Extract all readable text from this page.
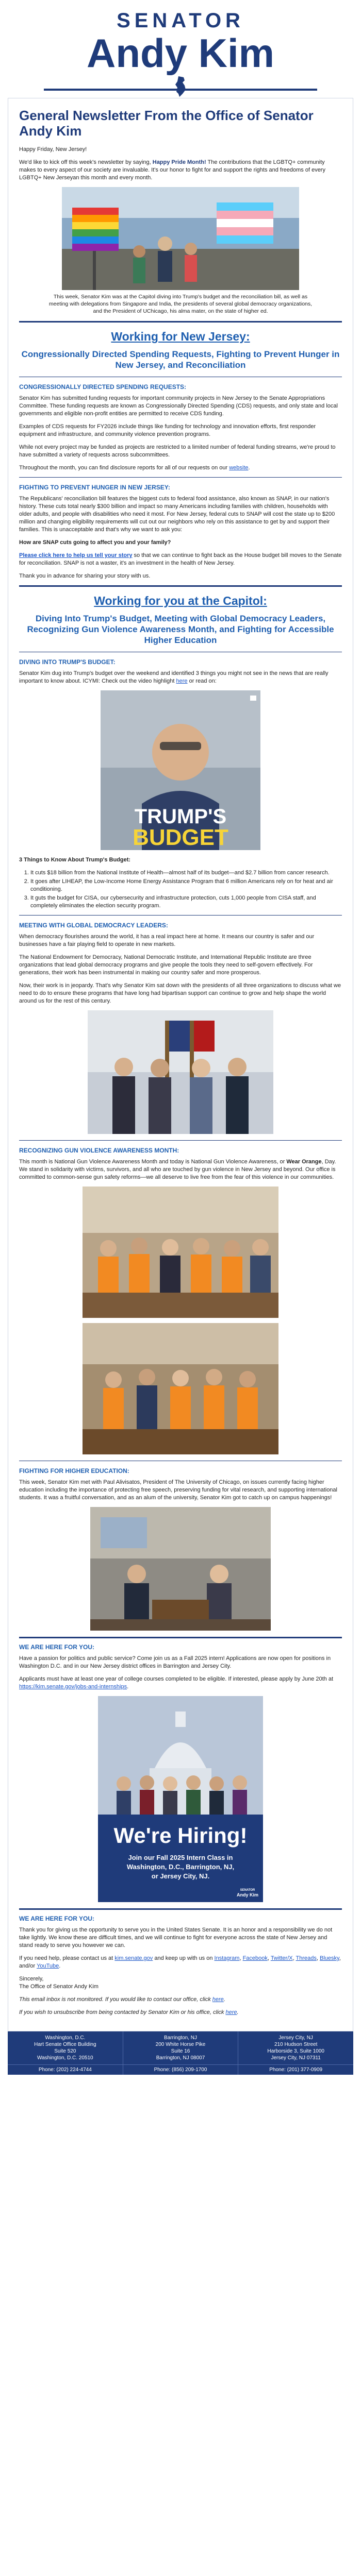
SENATOR
Andy Kim
General Newsletter From the Office of Senator Andy Kim

Happy Friday, New Jersey!

We'd like to kick off this week's newsletter by saying, Happy Pride Month! The contributions that the LGBTQ+ community makes to every aspect of our society are invaluable. It's our honor to fight for and support the rights and freedoms of every LGBTQ+ New Jerseyan this month and every month.

This week, Senator Kim was at the Capitol diving into Trump's budget and the reconciliation bill, as well as meeting with delegations from Singapore and India, the presidents of several global democracy organizations, and the President of UChicago, his alma mater, on the state of higher ed.
Working for New Jersey:
Congressionally Directed Spending Requests, Fighting to Prevent Hunger in New Jersey, and Reconciliation
CONGRESSIONALLY DIRECTED SPENDING REQUESTS:

Senator Kim has submitted funding requests for important community projects in New Jersey to the Senate Appropriations Committee. These funding requests are known as Congressionally Directed Spending (CDS) requests, and only state and local governments and eligible non-profit entities are permitted to receive CDS funding.

Examples of CDS requests for FY2026 include things like funding for technology and innovation efforts, first responder equipment and infrastructure, and community violence prevention programs.

While not every project may be funded as projects are restricted to a limited number of federal funding streams, we're proud to have submitted a variety of requests across subcommittees.

Throughout the month, you can find disclosure reports for all of our requests on our website.

FIGHTING TO PREVENT HUNGER IN NEW JERSEY:

The Republicans' reconciliation bill features the biggest cuts to federal food assistance, also known as SNAP, in our nation's history. These cuts total nearly $300 billion and impact so many Americans including families with children, households with older adults, and people with disabilities who need it most. For New Jersey, federal cuts to SNAP will cost the state up to $200 million and changing eligibility requirements will cut out our neighbors who rely on this assistance to get by and support their families. This is unacceptable and that's why we want to ask you:

How are SNAP cuts going to affect you and your family?

Please click here to help us tell your story so that we can continue to fight back as the House budget bill moves to the Senate for reconciliation. SNAP is not a waster, it's an investment in the health of New Jersey.

Thank you in advance for sharing your story with us.

Working for you at the Capitol:
Diving Into Trump's Budget, Meeting with Global Democracy Leaders, Recognizing Gun Violence Awareness Month, and Fighting for Accessible Higher Education
DIVING INTO TRUMP'S BUDGET:

Senator Kim dug into Trump's budget over the weekend and identified 3 things you might not see in the news that are really important to know about. ICYMI: Check out the video highlight here or read on:

TRUMP'S
BUDGET

3 Things to Know About Trump's Budget:

1. It cuts $18 billion from the National Institute of Health—almost half of its budget—and $2.7 billion from cancer research.
2. It goes after LIHEAP, the Low-Income Home Energy Assistance Program that 6 million Americans rely on for heat and air conditioning.
3. It guts the budget for CISA, our cybersecurity and infrastructure protection, cuts 1,000 people from CISA staff, and completely eliminates the election security program.
MEETING WITH GLOBAL DEMOCRACY LEADERS:

When democracy flourishes around the world, it has a real impact here at home. It means our country is safer and our businesses have a fair playing field to operate in new markets.

The National Endowment for Democracy, National Democratic Institute, and International Republic Institute are three organizations that lead global democracy programs and give people the tools they need to self-govern effectively. For generations, their work has been instrumental in making our country safer and more prosperous.

Now, their work is in jeopardy. That's why Senator Kim sat down with the presidents of all three organizations to discuss what we need to do to ensure these programs that have long had bipartisan support can continue to grow and help shape the world around us for the rest of this century.

RECOGNIZING GUN VIOLENCE AWARENESS MONTH:

This month is National Gun Violence Awareness Month and today is National Gun Violence Awareness, or Wear Orange, Day. We stand in solidarity with victims, survivors, and all who are touched by gun violence in New Jersey and beyond. Our office is committed to common-sense gun safety reforms—we all deserve to live free from the fear of this violence in our communities.

FIGHTING FOR HIGHER EDUCATION:

This week, Senator Kim met with Paul Alivisatos, President of The University of Chicago, on issues currently facing higher education including the importance of protecting free speech, preserving funding for vital research, and supporting international students. It was a fruitful conversation, and as an alum of the university, Senator Kim got to catch up on campus happenings!

WE ARE HERE FOR YOU:

Have a passion for politics and public service? Come join us as a Fall 2025 intern! Applications are now open for positions in Washington D.C. and in our New Jersey district offices in Barrington and Jersey City.

Applicants must have at least one year of college courses completed to be eligible. If interested, please apply by June 20th at https://kim.senate.gov/jobs-and-internships.

We're Hiring!
Join our Fall 2025 Intern Class in
Washington, D.C., Barrington, NJ,
or Jersey City, NJ.
SENATOR
Andy Kim
WE ARE HERE FOR YOU:

Thank you for giving us the opportunity to serve you in the United States Senate. It is an honor and a responsibility we do not take lightly. We know these are difficult times, and we will continue to fight for everyone across the state of New Jersey and stand ready to serve you however we can.

If you need help, please contact us at kim.senate.gov and keep up with us on Instagram, Facebook, Twitter/X, Threads, Bluesky, and/or YouTube.

Sincerely,
The Office of Senator Andy Kim

This email inbox is not monitored. If you would like to contact our office, click here.

If you wish to unsubscribe from being contacted by Senator Kim or his office, click here.

Washington, D.C.
Hart Senate Office Building
Suite 520
Washington, D.C. 20510
Barrington, NJ
200 White Horse Pike
Suite 16
Barrington, NJ 08007
Jersey City, NJ
210 Hudson Street
Harborside 3, Suite 1000
Jersey City, NJ 07311
Phone: (202) 224-4744	Phone: (856) 209-1700	Phone: (201) 377-0909
